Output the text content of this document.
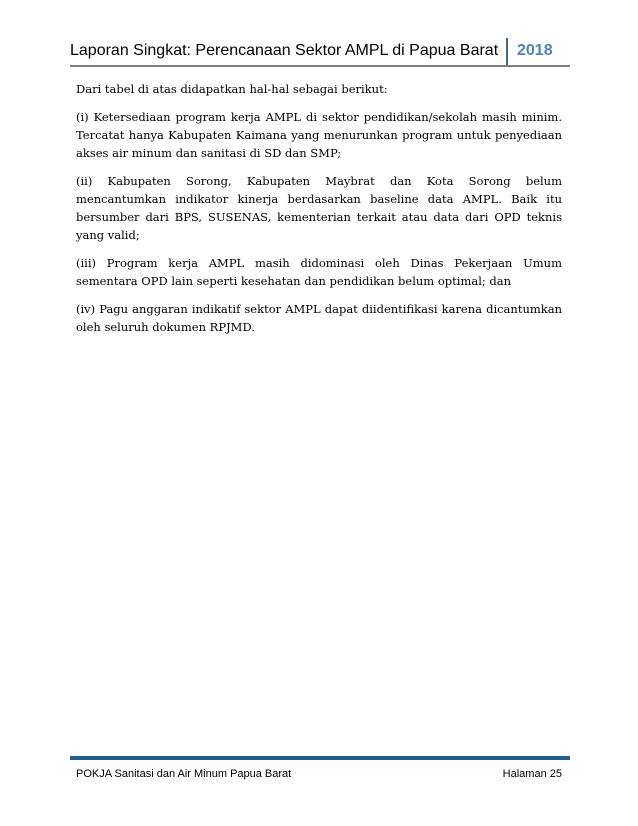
Laporan Singkat: Perencanaan Sektor AMPL di Papua Barat 2018

Dari tabel di atas didapatkan hal-hal sebagai berikut:

(i) Ketersediaan program kerja AMPL di sektor pendidikan/sekolah masih minim. Tercatat hanya Kabupaten Kaimana yang menurunkan program untuk penyediaan akses air minum dan sanitasi di SD dan SMP;

(ii) Kabupaten Sorong, Kabupaten Maybrat dan Kota Sorong belum mencantumkan indikator kinerja berdasarkan baseline data AMPL. Baik itu bersumber dari BPS, SUSENAS, kementerian terkait atau data dari OPD teknis yang valid;

(iii) Program kerja AMPL masih didominasi oleh Dinas Pekerjaan Umum sementara OPD lain seperti kesehatan dan pendidikan belum optimal; dan

(iv) Pagu anggaran indikatif sektor AMPL dapat diidentifikasi karena dicantumkan oleh seluruh dokumen RPJMD.

POKJA Sanitasi dan Air Minum Papua Barat	Halaman 25
